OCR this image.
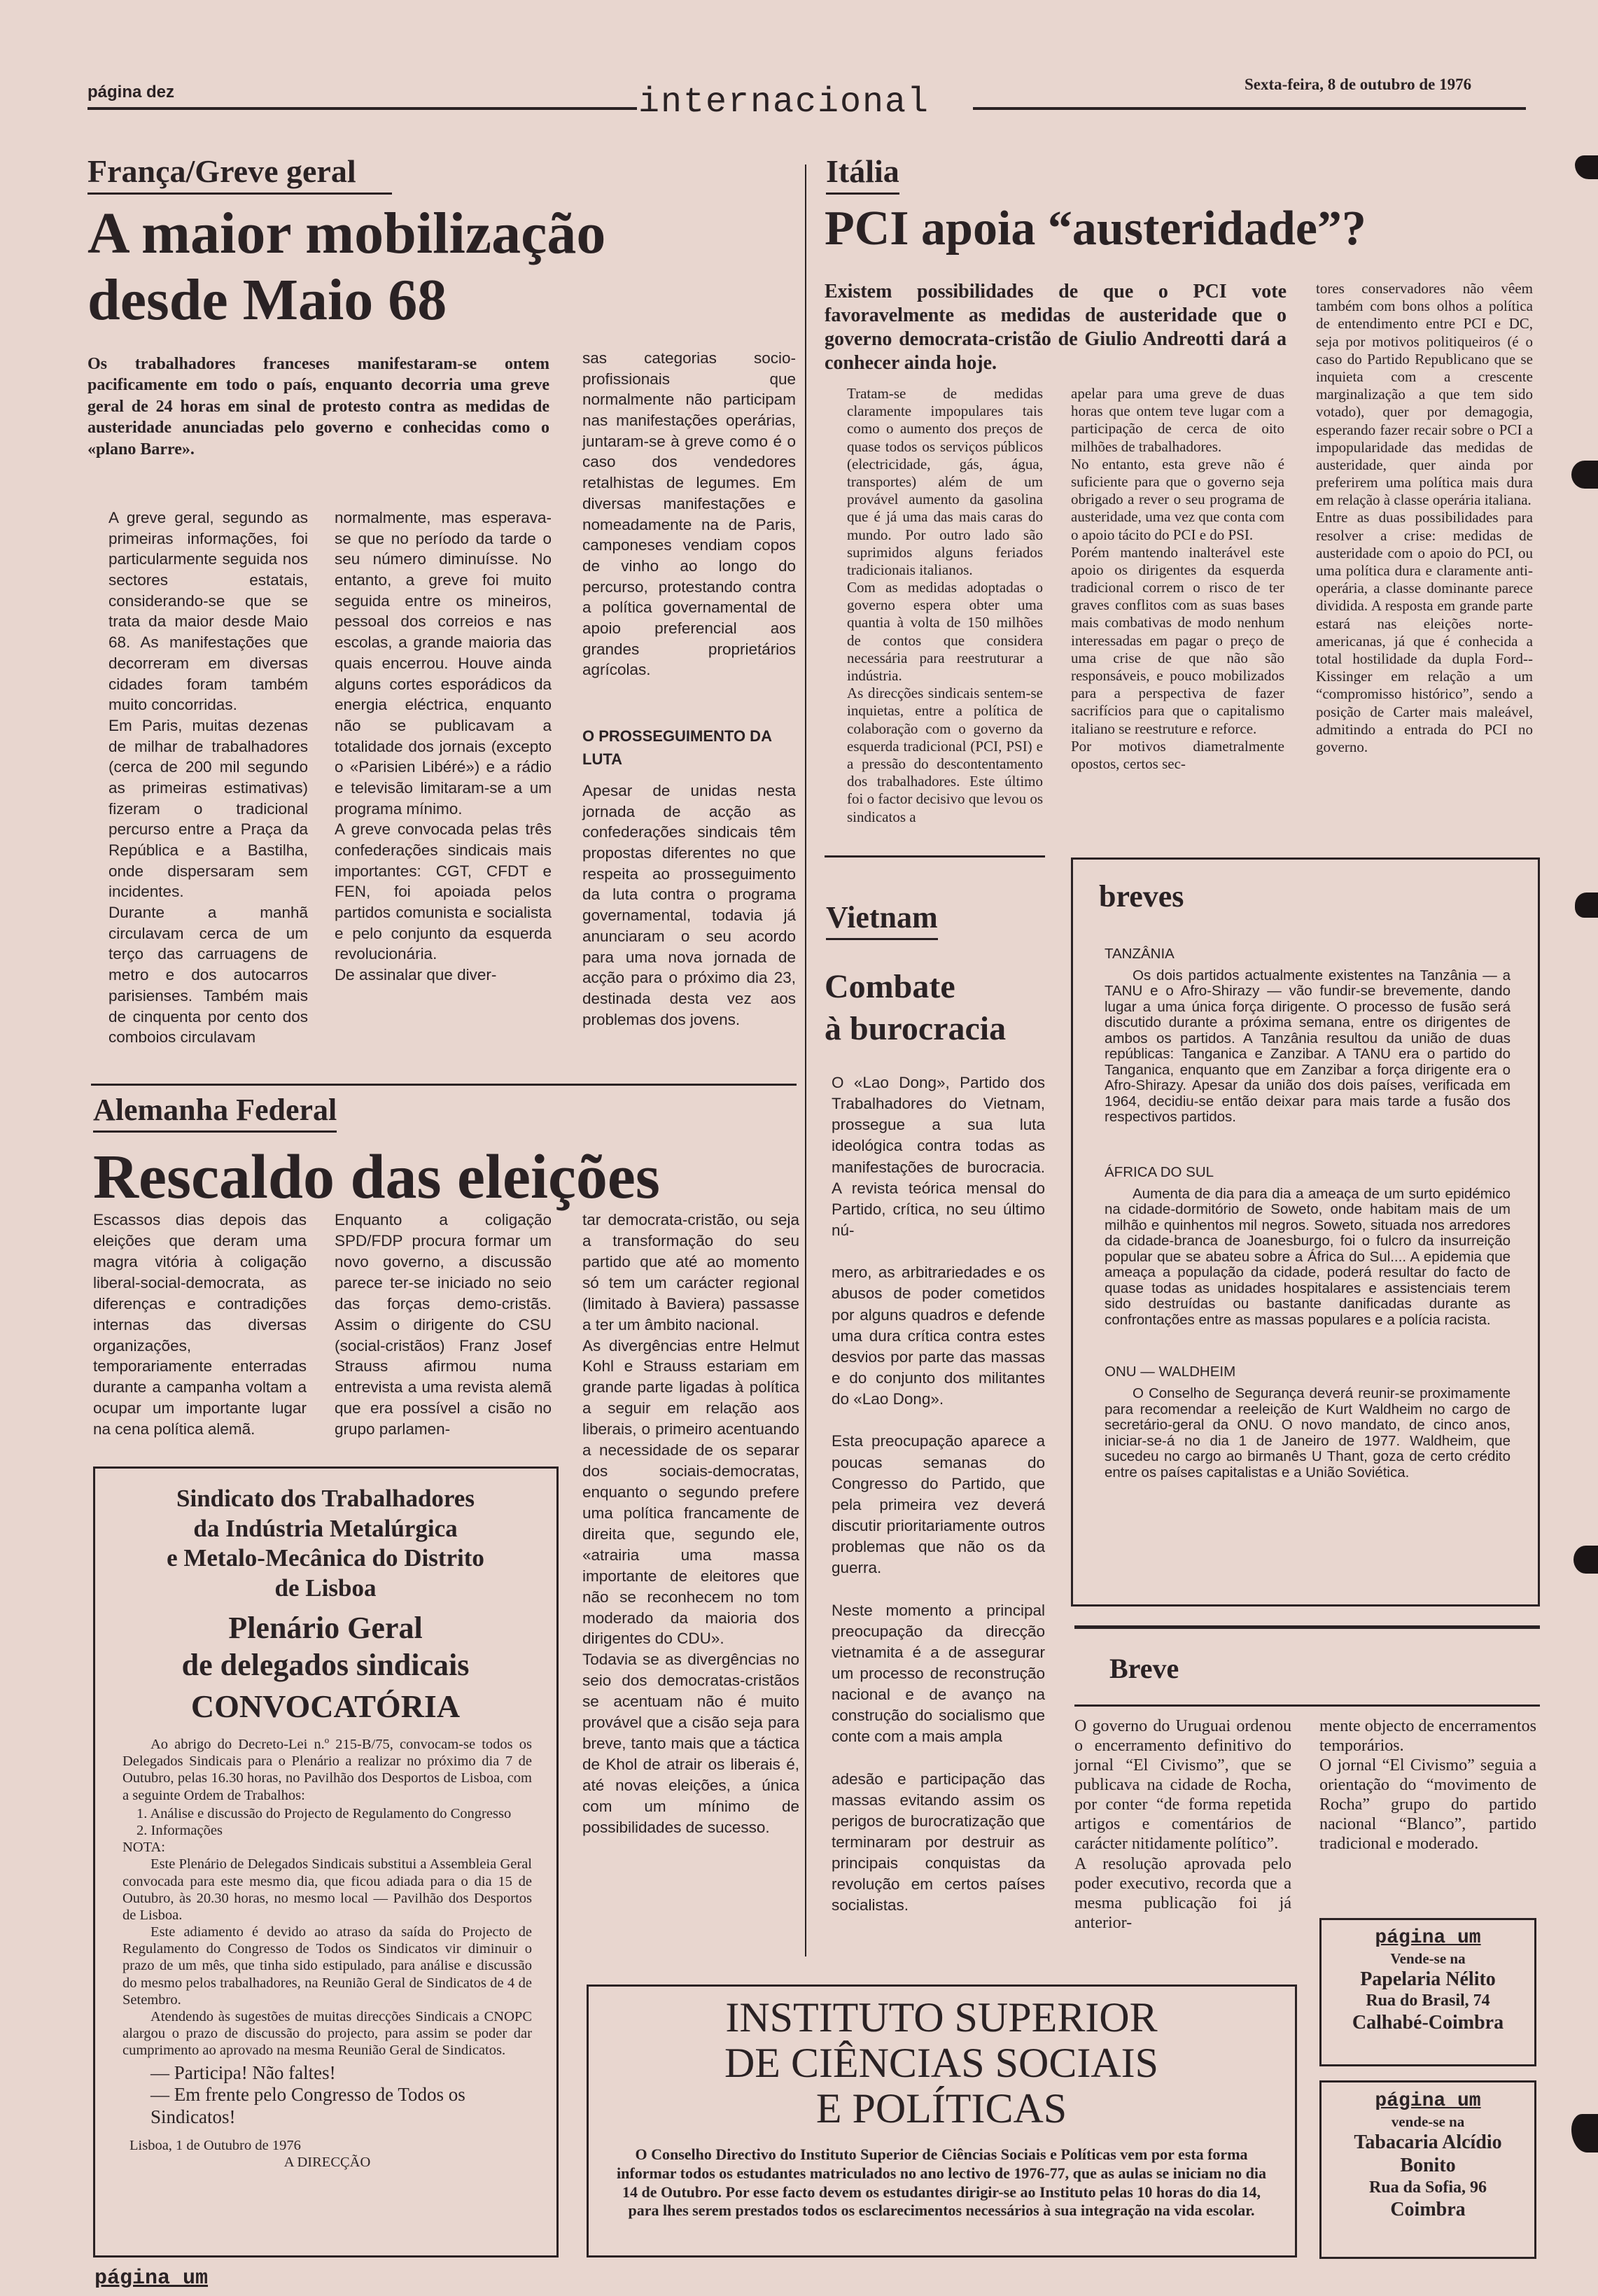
página dez	internacional	Sexta-feira, 8 de outubro de 1976
França/Greve geral
A maior mobilização
desde Maio 68

Os trabalhadores franceses manifestaram-se ontem pacificamente em todo o país, enquanto decorria uma greve geral de 24 horas em sinal de protesto contra as medidas de austeridade anunciadas pelo governo e conhecidas como o «plano Barre».

A greve geral, segundo as primeiras informações, foi particularmente seguida nos sectores estatais, considerando-se que se trata da maior desde Maio 68. As manifestações que decorreram em diversas cidades foram também muito concorridas.
Em Paris, muitas dezenas de milhar de trabalhadores (cerca de 200 mil segundo as primeiras estimativas) fizeram o tradicional percurso entre a Praça da República e a Bastilha, onde dispersaram sem incidentes.
Durante a manhã circulavam cerca de um terço das carruagens de metro e dos autocarros parisienses. Também mais de cinquenta por cento dos comboios circulavam

normalmente, mas esperava-se que no período da tarde o seu número diminuísse. No entanto, a greve foi muito seguida entre os mineiros, pessoal dos correios e nas escolas, a grande maioria das quais encerrou. Houve ainda alguns cortes esporádicos da energia eléctrica, enquanto não se publicavam a totalidade dos jornais (excepto o «Parisien Libéré») e a rádio e televisão limitaram-se a um programa mínimo.
A greve convocada pelas três confederações sindicais mais importantes: CGT, CFDT e FEN, foi apoiada pelos partidos comunista e socialista e pelo conjunto da esquerda revolucionária.
De assinalar que diver-

sas categorias socio-profissionais que normalmente não participam nas manifestações operárias, juntaram-se à greve como é o caso dos vendedores retalhistas de legumes. Em diversas manifestações e nomeadamente na de Paris, camponeses vendiam copos de vinho ao longo do percurso, protestando contra a política governamental de apoio preferencial aos grandes proprietários agrícolas.

O PROSSEGUIMENTO DA LUTA

Apesar de unidas nesta jornada de acção as confederações sindicais têm propostas diferentes no que respeita ao prosseguimento da luta contra o programa governamental, todavia já anunciaram o seu acordo para uma nova jornada de acção para o próximo dia 23, destinada desta vez aos problemas dos jovens.

Itália
PCI apoia “austeridade”?

Existem possibilidades de que o PCI vote favoravelmente as medidas de austeridade que o governo democrata-cristão de Giulio Andreotti dará a conhecer ainda hoje.

Tratam-se de medidas claramente impopulares tais como o aumento dos preços de quase todos os serviços públicos (electricidade, gás, água, transportes) além de um provável aumento da gasolina que é já uma das mais caras do mundo. Por outro lado são suprimidos alguns feriados tradicionais italianos.
Com as medidas adoptadas o governo espera obter uma quantia à volta de 150 milhões de contos que considera necessária para reestruturar a indústria.
As direcções sindicais sentem-se inquietas, entre a política de colaboração com o governo da esquerda tradicional (PCI, PSI) e a pressão do descontentamento dos trabalhadores. Este último foi o factor decisivo que levou os sindicatos a

apelar para uma greve de duas horas que ontem teve lugar com a participação de cerca de oito milhões de trabalhadores.
No entanto, esta greve não é suficiente para que o governo seja obrigado a rever o seu programa de austeridade, uma vez que conta com o apoio tácito do PCI e do PSI.
Porém mantendo inalterável este apoio os dirigentes da esquerda tradicional correm o risco de ter graves conflitos com as suas bases mais combativas de modo nenhum interessadas em pagar o preço de uma crise de que não são responsáveis, e pouco mobilizados para a perspectiva de fazer sacrifícios para que o capitalismo italiano se reestruture e reforce.
Por motivos diametralmente opostos, certos sec-

tores conservadores não vêem também com bons olhos a política de entendimento entre PCI e DC, seja por motivos politiqueiros (é o caso do Partido Republicano que se inquieta com a crescente marginalização a que tem sido votado), quer por demagogia, esperando fazer recair sobre o PCI a impopularidade das medidas de austeridade, quer ainda por preferirem uma política mais dura em relação à classe operária italiana.
Entre as duas possibilidades para resolver a crise: medidas de austeridade com o apoio do PCI, ou uma política dura e claramente anti-operária, a classe dominante parece dividida. A resposta em grande parte estará nas eleições norte-americanas, já que é conhecida a total hostilidade da dupla Ford--Kissinger em relação a um “compromisso histórico”, sendo a posição de Carter mais maleável, admitindo a entrada do PCI no governo.

Alemanha Federal
Rescaldo das eleições

Escassos dias depois das eleições que deram uma magra vitória à coligação liberal-social-democrata, as diferenças e contradições internas das diversas organizações, temporariamente enterradas durante a campanha voltam a ocupar um importante lugar na cena política alemã.

Enquanto a coligação SPD/FDP procura formar um novo governo, a discussão parece ter-se iniciado no seio das forças demo-cristãs. Assim o dirigente do CSU (social-cristãos) Franz Josef Strauss afirmou numa entrevista a uma revista alemã que era possível a cisão no grupo parlamen-

tar democrata-cristão, ou seja a transformação do seu partido que até ao momento só tem um carácter regional (limitado à Baviera) passasse a ter um âmbito nacional.
As divergências entre Helmut Kohl e Strauss estariam em grande parte ligadas à política a seguir em relação aos liberais, o primeiro acentuando a necessidade de os separar dos sociais-democratas, enquanto o segundo prefere uma política francamente de direita que, segundo ele, «atrairia uma massa importante de eleitores que não se reconhecem no tom moderado da maioria dos dirigentes do CDU».
Todavia se as divergências no seio dos democratas-cristãos se acentuam não é muito provável que a cisão seja para breve, tanto mais que a táctica de Khol de atrair os liberais é, até novas eleições, a única com um mínimo de possibilidades de sucesso.

Sindicato dos Trabalhadores
da Indústria Metalúrgica
e Metalo-Mecânica do Distrito
de Lisboa
Plenário Geral
de delegados sindicais
CONVOCATÓRIA

Ao abrigo do Decreto-Lei n.º 215-B/75, convocam-se todos os Delegados Sindicais para o Plenário a realizar no próximo dia 7 de Outubro, pelas 16.30 horas, no Pavilhão dos Desportos de Lisboa, com a seguinte Ordem de Trabalhos:

1. Análise e discussão do Projecto de Regulamento do Congresso

2. Informações

NOTA:

Este Plenário de Delegados Sindicais substitui a Assembleia Geral convocada para este mesmo dia, que ficou adiada para o dia 15 de Outubro, às 20.30 horas, no mesmo local — Pavilhão dos Desportos de Lisboa.

Este adiamento é devido ao atraso da saída do Projecto de Regulamento do Congresso de Todos os Sindicatos vir diminuir o prazo de um mês, que tinha sido estipulado, para análise e discussão do mesmo pelos trabalhadores, na Reunião Geral de Sindicatos de 4 de Setembro.

Atendendo às sugestões de muitas direcções Sindicais a CNOPC alargou o prazo de discussão do projecto, para assim se poder dar cumprimento ao aprovado na mesma Reunião Geral de Sindicatos.

— Participa! Não faltes!

— Em frente pelo Congresso de Todos os Sindicatos!

Lisboa, 1 de Outubro de 1976

A DIRECÇÃO

Vietnam
Combate
à burocracia

O «Lao Dong», Partido dos Trabalhadores do Vietnam, prossegue a sua luta ideológica contra todas as manifestações de burocracia. A revista teórica mensal do Partido, crítica, no seu último nú-

mero, as arbitrariedades e os abusos de poder cometidos por alguns quadros e defende uma dura crítica contra estes desvios por parte das massas e do conjunto dos militantes do «Lao Dong».

Esta preocupação aparece a poucas semanas do Congresso do Partido, que pela primeira vez deverá discutir prioritariamente outros problemas que não os da guerra.

Neste momento a principal preocupação da direcção vietnamita é a de assegurar um processo de reconstrução nacional e de avanço na construção do socialismo que conte com a mais ampla

adesão e participação das massas evitando assim os perigos de burocratização que terminaram por destruir as principais conquistas da revolução em certos países socialistas.

breves
TANZÂNIA

Os dois partidos actualmente existentes na Tanzânia — a TANU e o Afro-Shirazy — vão fundir-se brevemente, dando lugar a uma única força dirigente. O processo de fusão será discutido durante a próxima semana, entre os dirigentes de ambos os partidos. A Tanzânia resultou da união de duas repúblicas: Tanganica e Zanzibar. A TANU era o partido do Tanganica, enquanto que em Zanzibar a força dirigente era o Afro-Shirazy. Apesar da união dos dois países, verificada em 1964, decidiu-se então deixar para mais tarde a fusão dos respectivos partidos.

ÁFRICA DO SUL

Aumenta de dia para dia a ameaça de um surto epidémico na cidade-dormitório de Soweto, onde habitam mais de um milhão e quinhentos mil negros. Soweto, situada nos arredores da cidade-branca de Joanesburgo, foi o fulcro da insurreição popular que se abateu sobre a África do Sul.... A epidemia que ameaça a população da cidade, poderá resultar do facto de quase todas as unidades hospitalares e assistenciais terem sido destruídas ou bastante danificadas durante as confrontações entre as massas populares e a polícia racista.

ONU — WALDHEIM

O Conselho de Segurança deverá reunir-se proximamente para recomendar a reeleição de Kurt Waldheim no cargo de secretário-geral da ONU. O novo mandato, de cinco anos, iniciar-se-á no dia 1 de Janeiro de 1977. Waldheim, que sucedeu no cargo ao birmanês U Thant, goza de certo crédito entre os países capitalistas e a União Soviética.

Breve

O governo do Uruguai ordenou o encerramento definitivo do jornal “El Civismo”, que se publicava na cidade de Rocha, por conter “de forma repetida artigos e comentários de carácter nitidamente político”.
A resolução aprovada pelo poder executivo, recorda que a mesma publicação foi já anterior-

mente objecto de encerramentos temporários.
O jornal “El Civismo” seguia a orientação do “movimento de Rocha” grupo do partido nacional “Blanco”, partido tradicional e moderado.

INSTITUTO SUPERIOR
DE CIÊNCIAS SOCIAIS
E POLÍTICAS

O Conselho Directivo do Instituto Superior de Ciências Sociais e Políticas vem por esta forma informar todos os estudantes matriculados no ano lectivo de 1976-77, que as aulas se iniciam no dia 14 de Outubro. Por esse facto devem os estudantes dirigir-se ao Instituto pelas 10 horas do dia 14, para lhes serem prestados todos os esclarecimentos necessários à sua integração na vida escolar.

página um
Vende-se na
Papelaria Nélito
Rua do Brasil, 74
Calhabé-Coimbra
página um
vende-se na
Tabacaria Alcídio
Bonito
Rua da Sofia, 96
Coimbra
página um
